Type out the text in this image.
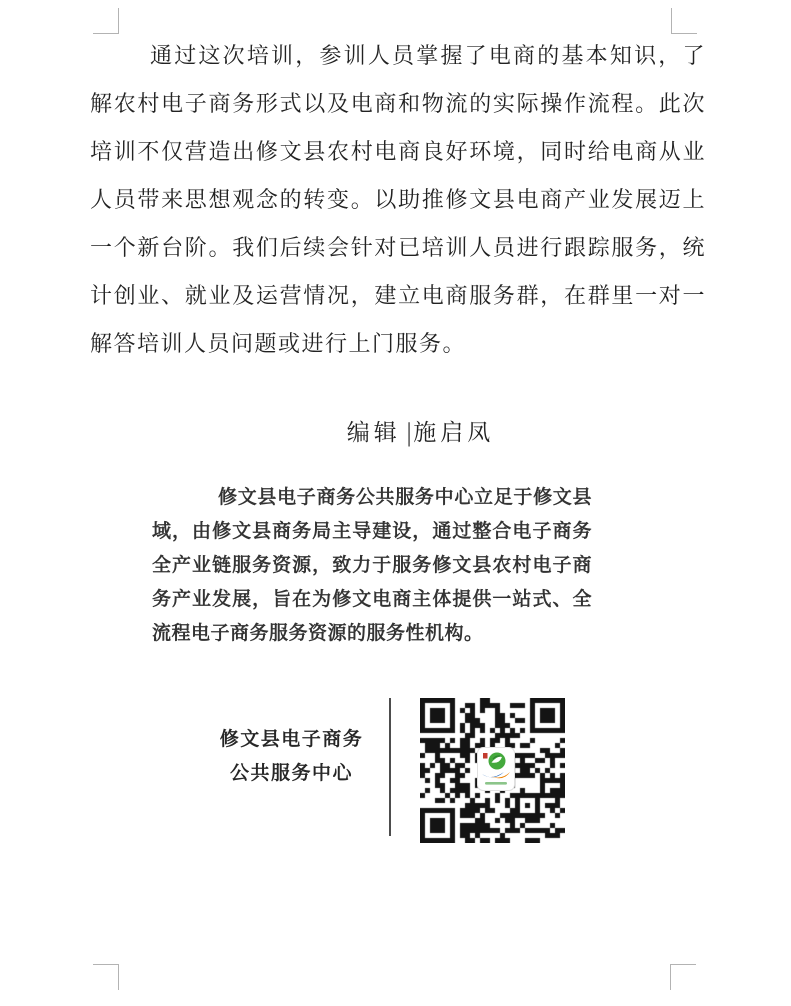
通过这次培训，参训人员掌握了电商的基本知识，了解农村电子商务形式以及电商和物流的实际操作流程。此次培训不仅营造出修文县农村电商良好环境，同时给电商从业人员带来思想观念的转变。以助推修文县电商产业发展迈上一个新台阶。我们后续会针对已培训人员进行跟踪服务，统计创业、就业及运营情况，建立电商服务群，在群里一对一解答培训人员问题或进行上门服务。

编辑 |施启凤

修文县电子商务公共服务中心立足于修文县域，由修文县商务局主导建设，通过整合电子商务全产业链服务资源，致力于服务修文县农村电子商务产业发展，旨在为修文电商主体提供一站式、全流程电子商务服务资源的服务性机构。

修文县电子商务
公共服务中心
